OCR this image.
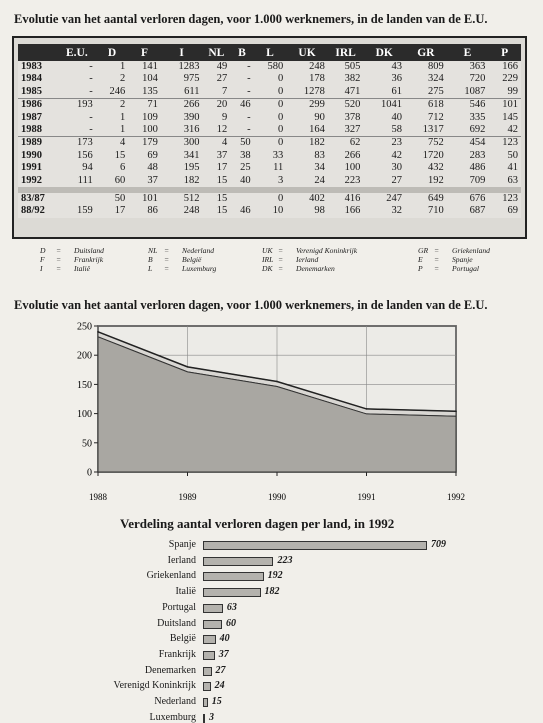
Evolutie van het aantal verloren dagen, voor 1.000 werknemers, in de landen van de E.U.
	E.U.	D	F	I	NL	B	L	UK	IRL	DK	GR	E	P
1983	-	1	141	1283	49	-	580	248	505	43	809	363	166
1984	-	2	104	975	27	-	0	178	382	36	324	720	229
1985	-	246	135	611	7	-	0	1278	471	61	275	1087	99
1986	193	2	71	266	20	46	0	299	520	1041	618	546	101
1987	-	1	109	390	9	-	0	90	378	40	712	335	145
1988	-	1	100	316	12	-	0	164	327	58	1317	692	42
1989	173	4	179	300	4	50	0	182	62	23	752	454	123
1990	156	15	69	341	37	38	33	83	266	42	1720	283	50
1991	94	6	48	195	17	25	11	34	100	30	432	486	41
1992	111	60	37	182	15	40	3	24	223	27	192	709	63

83/87		50	101	512	15		0	402	416	247	649	676	123
88/92	159	17	86	248	15	46	10	98	166	32	710	687	69
D = Duitsland	NL = Nederland	UK = Verenigd Koninkrijk	GR = Griekenland
F = Frankrijk	B = België	IRL = Ierland	E = Spanje
I = Italië	L = Luxemburg	DK = Denemarken	P = Portugal
Evolutie van het aantal verloren dagen, voor 1.000 werknemers, in de landen van de E.U.
0
50
100
150
200
250
1988	1989	1990	1991	1992
Verdeling aantal verloren dagen per land, in 1992
Spanje	709
Ierland	223
Griekenland	192
Italië	182
Portugal	63
Duitsland	60
België 40
Frankrijk 37
Denemarken 27
Verenigd Koninkrijk 24
Nederland 15
Luxemburg 3
